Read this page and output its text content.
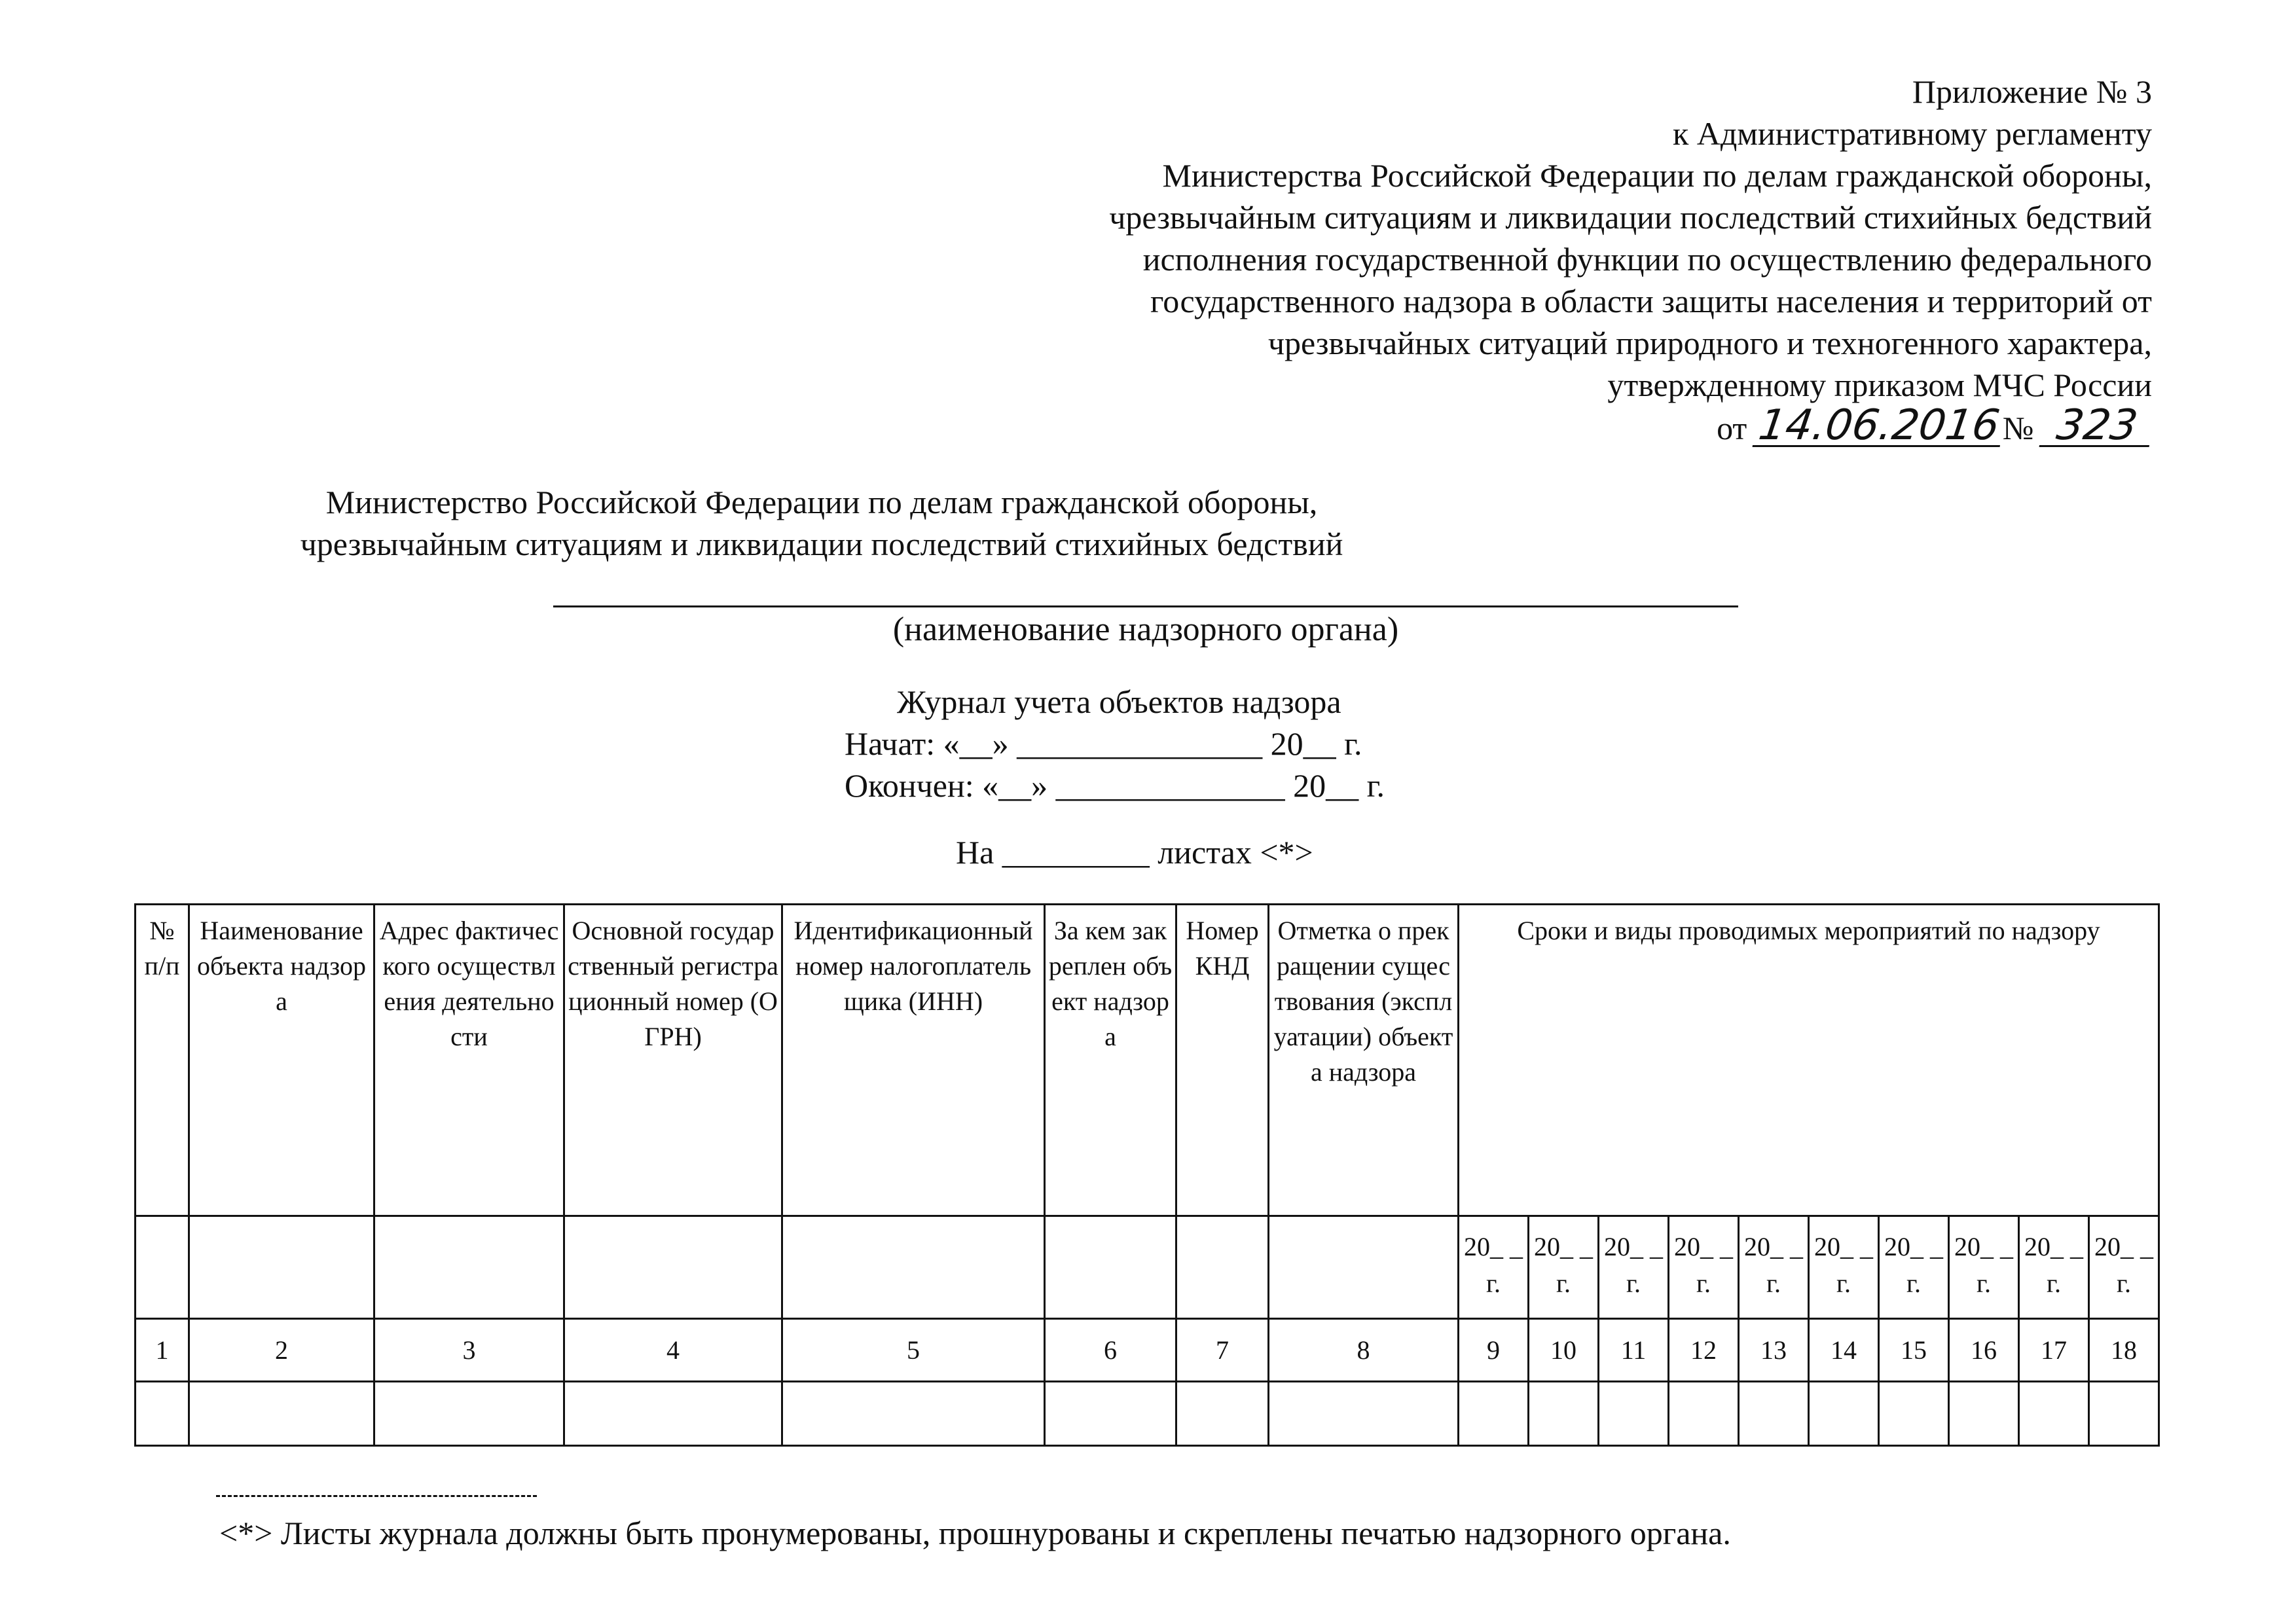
Приложение № 3
к Административному регламенту
Министерства Российской Федерации по делам гражданской обороны,
чрезвычайным ситуациям и ликвидации последствий стихийных бедствий
исполнения государственной функции по осуществлению федерального
государственного надзора в области защиты населения и территорий от
чрезвычайных ситуаций природного и техногенного характера,
утвержденному приказом МЧС России
от 14.06.2016№ 323
Министерство Российской Федерации по делам гражданской обороны,
чрезвычайным ситуациям и ликвидации последствий стихийных бедствий
(наименование надзорного органа)
Журнал учета объектов надзора
Начат: «__» _______________ 20__ г.
Окончен: «__» ______________ 20__ г.
На _________ листах <*>
№ п/п	Наименование объекта надзора	Адрес фактического осуществления деятельности	Основной государственный регистрационный номер (ОГРН)	Идентификационный номер налогоплательщика (ИНН)	За кем закреплен объект надзора	Номер КНД	Отметка о прекращении существования (эксплуатации) объекта надзора	Сроки и виды проводимых мероприятий по надзору									
								20_ _ г.	20_ _ г.	20_ _ г.	20_ _ г.	20_ _ г.	20_ _ г.	20_ _ г.	20_ _ г.	20_ _ г.	20_ _ г.
1	2	3	4	5	6	7	8	9	10	11	12	13	14	15	16	17	18

<*> Листы журнала должны быть пронумерованы, прошнурованы и скреплены печатью надзорного органа.
